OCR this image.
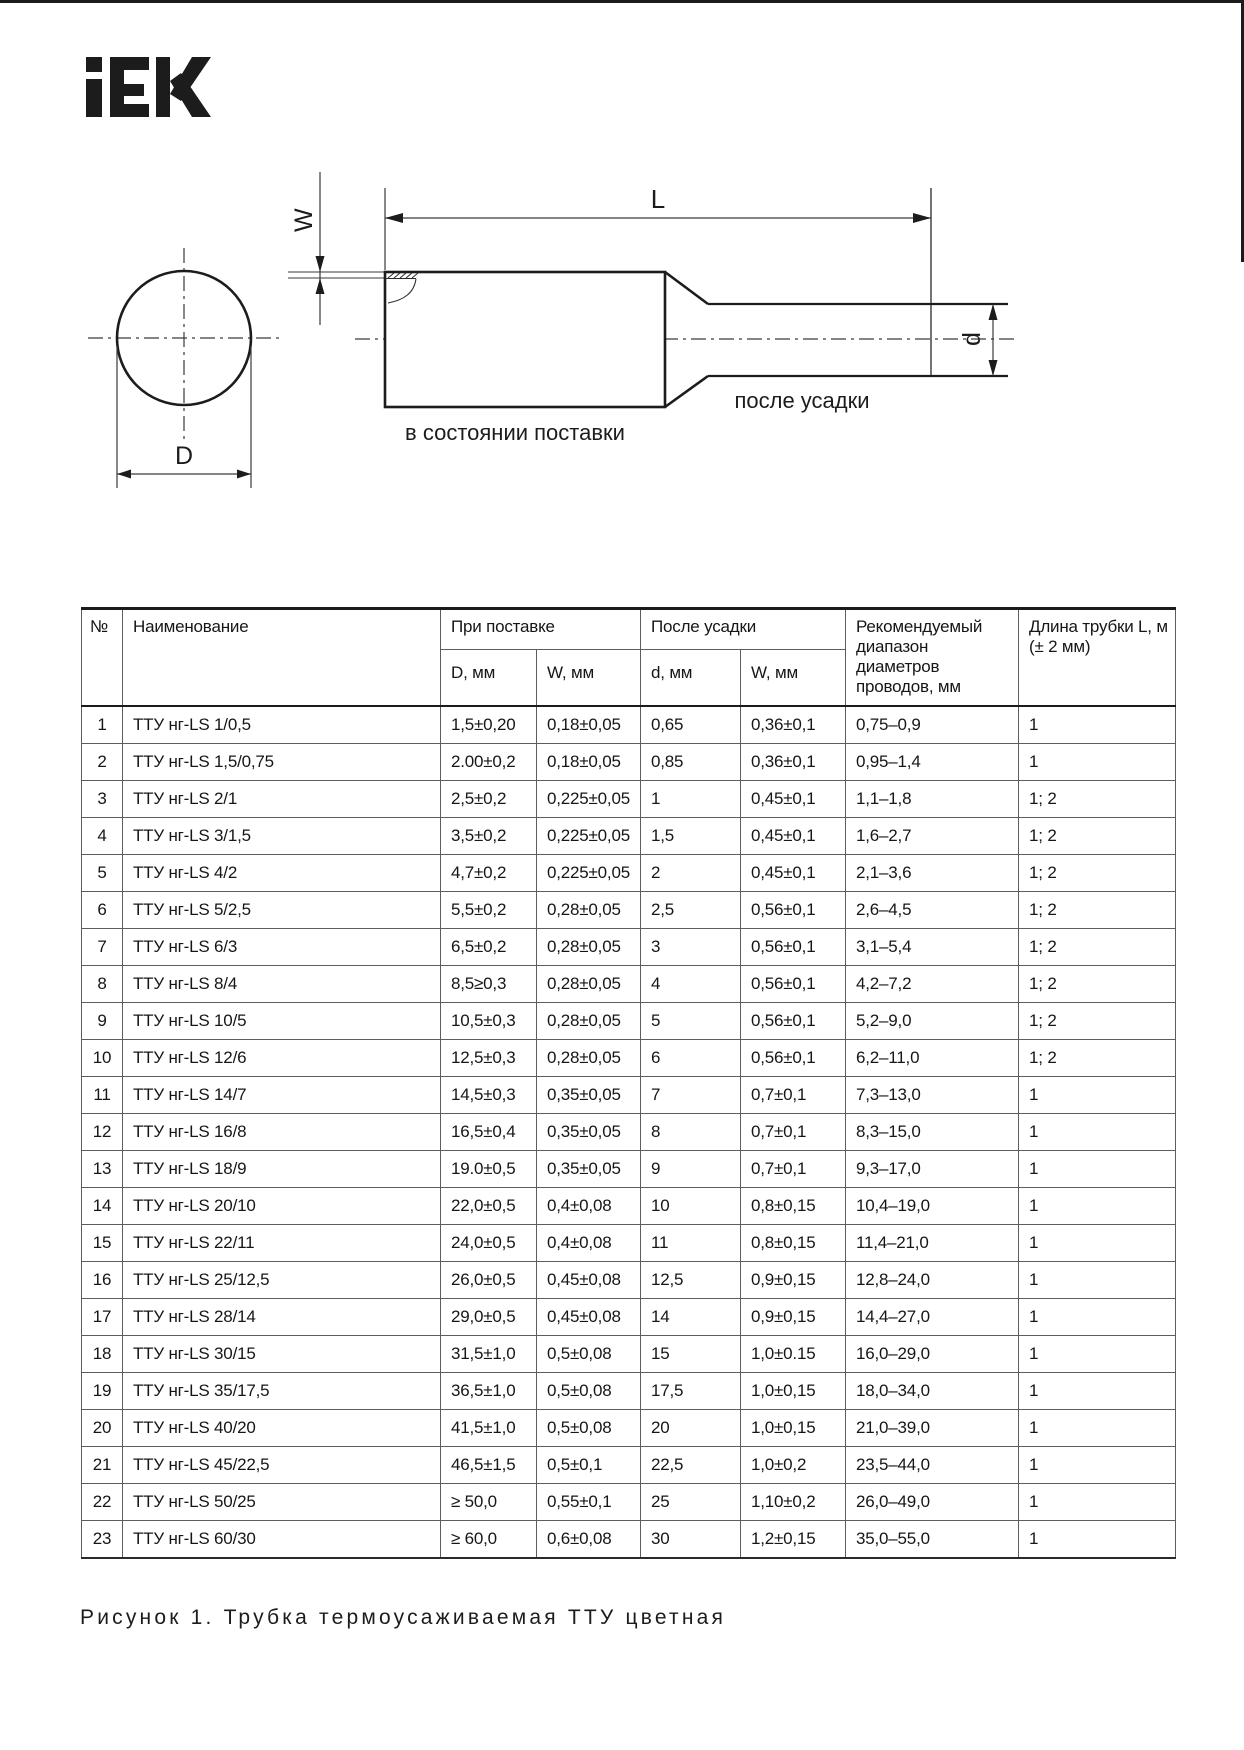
D
W
L
d
в состоянии поставки
после усадки
№	Наименование	При поставке		После усадки		Рекомендуемый диапазон диаметров проводов, мм	Длина трубки L, м (± 2 мм)
		D, мм	W, мм	d, мм	W, мм		
1	ТТУ нг-LS 1/0,5	1,5±0,20	0,18±0,05	0,65	0,36±0,1	0,75–0,9	1
2	ТТУ нг-LS 1,5/0,75	2.00±0,2	0,18±0,05	0,85	0,36±0,1	0,95–1,4	1
3	ТТУ нг-LS 2/1	2,5±0,2	0,225±0,05	1	0,45±0,1	1,1–1,8	1; 2
4	ТТУ нг-LS 3/1,5	3,5±0,2	0,225±0,05	1,5	0,45±0,1	1,6–2,7	1; 2
5	ТТУ нг-LS 4/2	4,7±0,2	0,225±0,05	2	0,45±0,1	2,1–3,6	1; 2
6	ТТУ нг-LS 5/2,5	5,5±0,2	0,28±0,05	2,5	0,56±0,1	2,6–4,5	1; 2
7	ТТУ нг-LS 6/3	6,5±0,2	0,28±0,05	3	0,56±0,1	3,1–5,4	1; 2
8	ТТУ нг-LS 8/4	8,5≥0,3	0,28±0,05	4	0,56±0,1	4,2–7,2	1; 2
9	ТТУ нг-LS 10/5	10,5±0,3	0,28±0,05	5	0,56±0,1	5,2–9,0	1; 2
10	ТТУ нг-LS 12/6	12,5±0,3	0,28±0,05	6	0,56±0,1	6,2–11,0	1; 2
11	ТТУ нг-LS 14/7	14,5±0,3	0,35±0,05	7	0,7±0,1	7,3–13,0	1
12	ТТУ нг-LS 16/8	16,5±0,4	0,35±0,05	8	0,7±0,1	8,3–15,0	1
13	ТТУ нг-LS 18/9	19.0±0,5	0,35±0,05	9	0,7±0,1	9,3–17,0	1
14	ТТУ нг-LS 20/10	22,0±0,5	0,4±0,08	10	0,8±0,15	10,4–19,0	1
15	ТТУ нг-LS 22/11	24,0±0,5	0,4±0,08	11	0,8±0,15	11,4–21,0	1
16	ТТУ нг-LS 25/12,5	26,0±0,5	0,45±0,08	12,5	0,9±0,15	12,8–24,0	1
17	ТТУ нг-LS 28/14	29,0±0,5	0,45±0,08	14	0,9±0,15	14,4–27,0	1
18	ТТУ нг-LS 30/15	31,5±1,0	0,5±0,08	15	1,0±0.15	16,0–29,0	1
19	ТТУ нг-LS 35/17,5	36,5±1,0	0,5±0,08	17,5	1,0±0,15	18,0–34,0	1
20	ТТУ нг-LS 40/20	41,5±1,0	0,5±0,08	20	1,0±0,15	21,0–39,0	1
21	ТТУ нг-LS 45/22,5	46,5±1,5	0,5±0,1	22,5	1,0±0,2	23,5–44,0	1
22	ТТУ нг-LS 50/25	≥ 50,0	0,55±0,1	25	1,10±0,2	26,0–49,0	1
23	ТТУ нг-LS 60/30	≥ 60,0	0,6±0,08	30	1,2±0,15	35,0–55,0	1
Рисунок 1. Трубка термоусаживаемая ТТУ цветная
